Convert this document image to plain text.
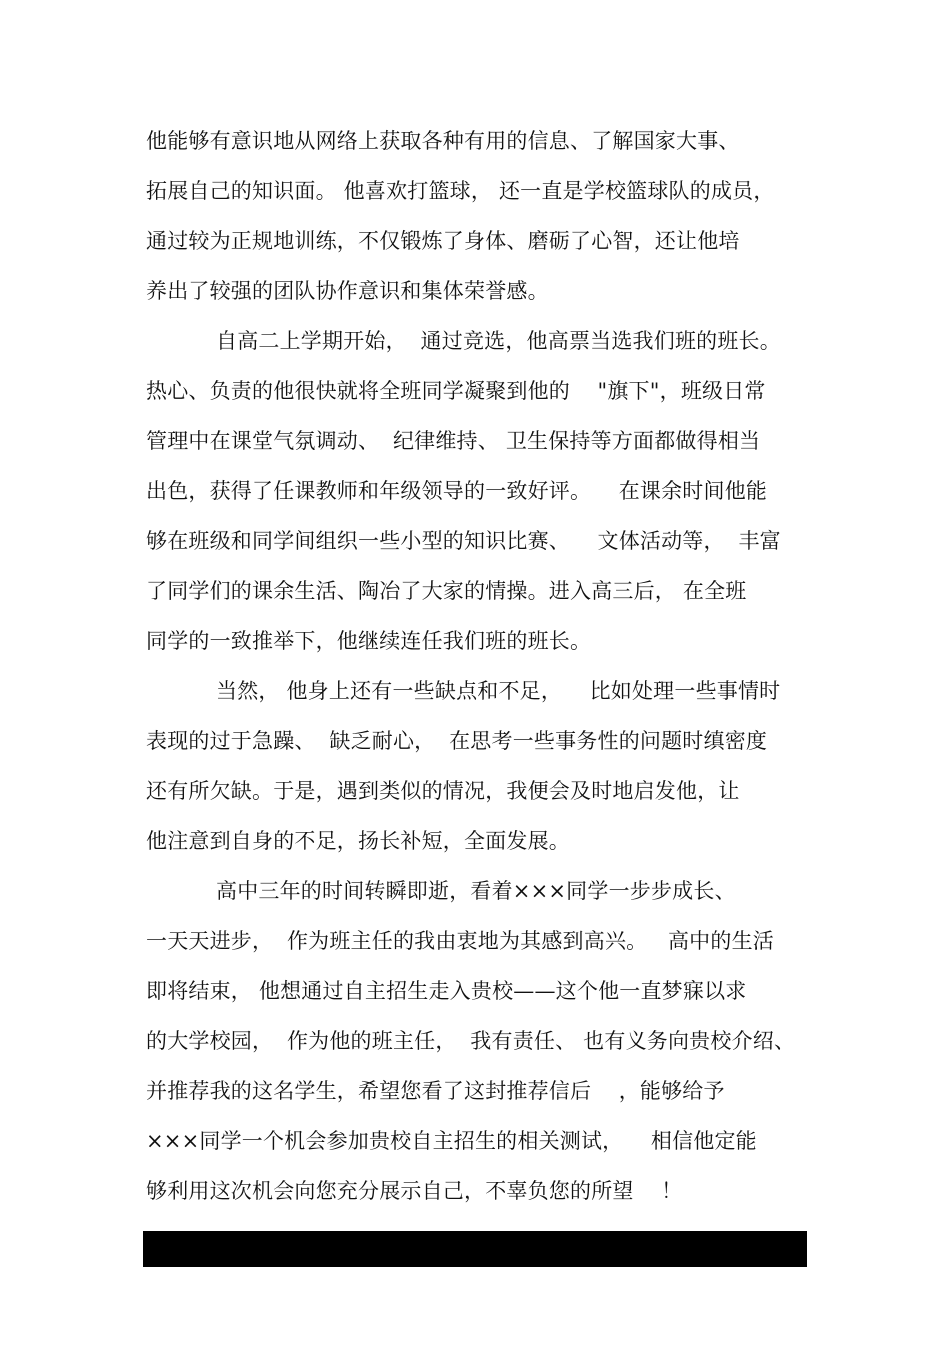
他能够有意识地从网络上获取各种有用的信息、了解国家大事、
拓展自己的知识面。 他喜欢打篮球， 还一直是学校篮球队的成员，
通过较为正规地训练，不仅锻炼了身体、磨砺了心智，还让他培
养出了较强的团队协作意识和集体荣誉感。
自高二上学期开始，  通过竞选，他高票当选我们班的班长。
热心、负责的他很快就将全班同学凝聚到他的    "旗下"，班级日常
管理中在课堂气氛调动、  纪律维持、 卫生保持等方面都做得相当
出色，获得了任课教师和年级领导的一致好评。    在课余时间他能
够在班级和同学间组织一些小型的知识比赛、    文体活动等，  丰富
了同学们的课余生活、陶冶了大家的情操。进入高三后， 在全班
同学的一致推举下，他继续连任我们班的班长。
当然， 他身上还有一些缺点和不足，    比如处理一些事情时
表现的过于急躁、  缺乏耐心，  在思考一些事务性的问题时缜密度
还有所欠缺。于是，遇到类似的情况，我便会及时地启发他，让
他注意到自身的不足，扬长补短，全面发展。
高中三年的时间转瞬即逝，看着×××同学一步步成长、
一天天进步，  作为班主任的我由衷地为其感到高兴。   高中的生活
即将结束， 他想通过自主招生走入贵校——这个他一直梦寐以求
的大学校园，  作为他的班主任，  我有责任、 也有义务向贵校介绍、
并推荐我的这名学生，希望您看了这封推荐信后    ，能够给予
×××同学一个机会参加贵校自主招生的相关测试，    相信他定能
够利用这次机会向您充分展示自己，不辜负您的所望    ！
